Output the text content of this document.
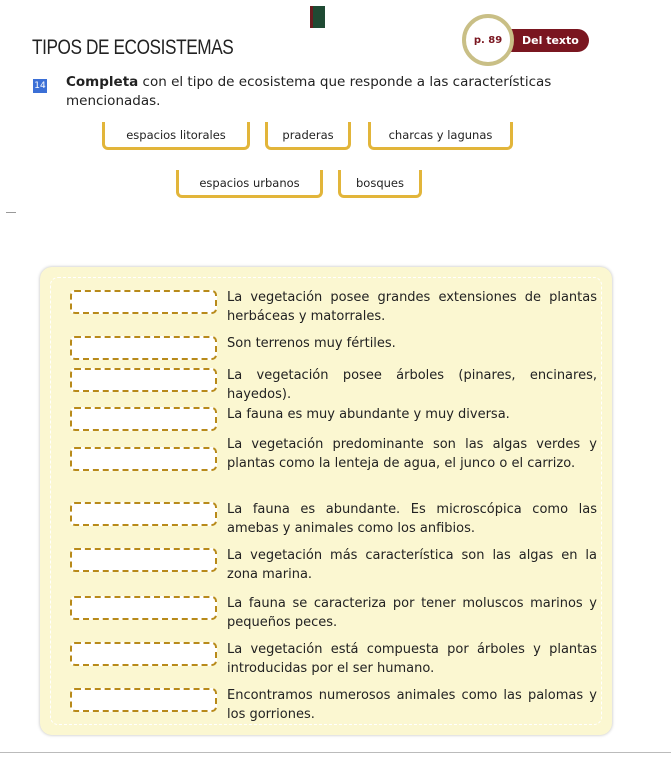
TIPOS DE ECOSISTEMAS	p. 89	Del texto
14 Completa con el tipo de ecosistema que responde a las características mencionadas.
espacios litorales	praderas	charcas y lagunas
espacios urbanos	bosques
La vegetación posee grandes extensiones de plantas herbáceas y matorrales.
Son terrenos muy fértiles.
La vegetación posee árboles (pinares, encinares, hayedos).
La fauna es muy abundante y muy diversa.
La vegetación predominante son las algas verdes y plantas como la lenteja de agua, el junco o el carrizo.
La fauna es abundante. Es microscópica como las amebas y animales como los anfibios.
La vegetación más característica son las algas en la zona marina.
La fauna se caracteriza por tener moluscos marinos y pequeños peces.
La vegetación está compuesta por árboles y plantas introducidas por el ser humano.
Encontramos numerosos animales como las palomas y los gorriones.
